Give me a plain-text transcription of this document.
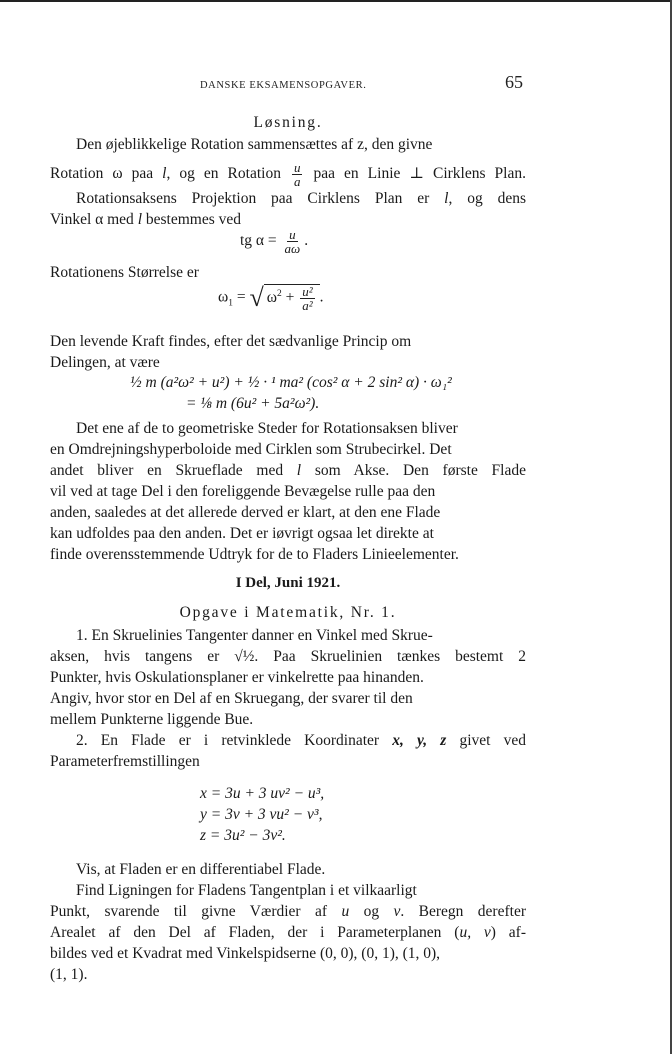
DANSKE EKSAMENSOPGAVER.	65
Løsning.
Den øjeblikkelige Rotation sammensættes af z, den givne
Rotation ω paa l, og en Rotation $\frac{u}{a}$ paa en Linie ⊥ Cirklens Plan.
Rotationsaksens Projektion paa Cirklens Plan er l, og dens
Vinkel α med l bestemmes ved
tg $\alpha = \frac{u}{a\omega}$ .
Rotationens Størrelse er
$\omega_1$ = √ $\omega^2 + \frac{\text{u²}}{\text{a²}}$ .
Den levende Kraft findes, efter det sædvanlige Princip om
Delingen, at være
½ m (a²ω² + u²) + ½ · ¹ ma² (cos² α + 2 sin² α) · ω₁²
= ⅛ m (6u² + 5a²ω²).
Det ene af de to geometriske Steder for Rotationsaksen bliver
en Omdrejningshyperboloide med Cirklen som Strubecirkel. Det
andet bliver en Skrueflade med l som Akse. Den første Flade
vil ved at tage Del i den foreliggende Bevægelse rulle paa den
anden, saaledes at det allerede derved er klart, at den ene Flade
kan udfoldes paa den anden. Det er iøvrigt ogsaa let direkte at
finde overensstemmende Udtryk for de to Fladers Linieelementer.
I Del, Juni 1921.
Opgave i Matematik, Nr. 1.
1. En Skruelinies Tangenter danner en Vinkel med Skrue-
aksen, hvis tangens er √½. Paa Skruelinien tænkes bestemt 2
Punkter, hvis Oskulationsplaner er vinkelrette paa hinanden.
Angiv, hvor stor en Del af en Skruegang, der svarer til den
mellem Punkterne liggende Bue.
2. En Flade er i retvinklede Koordinater x, y, z givet ved
Parameterfremstillingen
x = 3u + 3 uv² − u³,
y = 3v + 3 vu² − v³,
z = 3u² − 3v².
Vis, at Fladen er en differentiabel Flade.
Find Ligningen for Fladens Tangentplan i et vilkaarligt
Punkt, svarende til givne Værdier af u og v. Beregn derefter
Arealet af den Del af Fladen, der i Parameterplanen (u, v) af-
bildes ved et Kvadrat med Vinkelspidserne (0, 0), (0, 1), (1, 0),
(1, 1).
